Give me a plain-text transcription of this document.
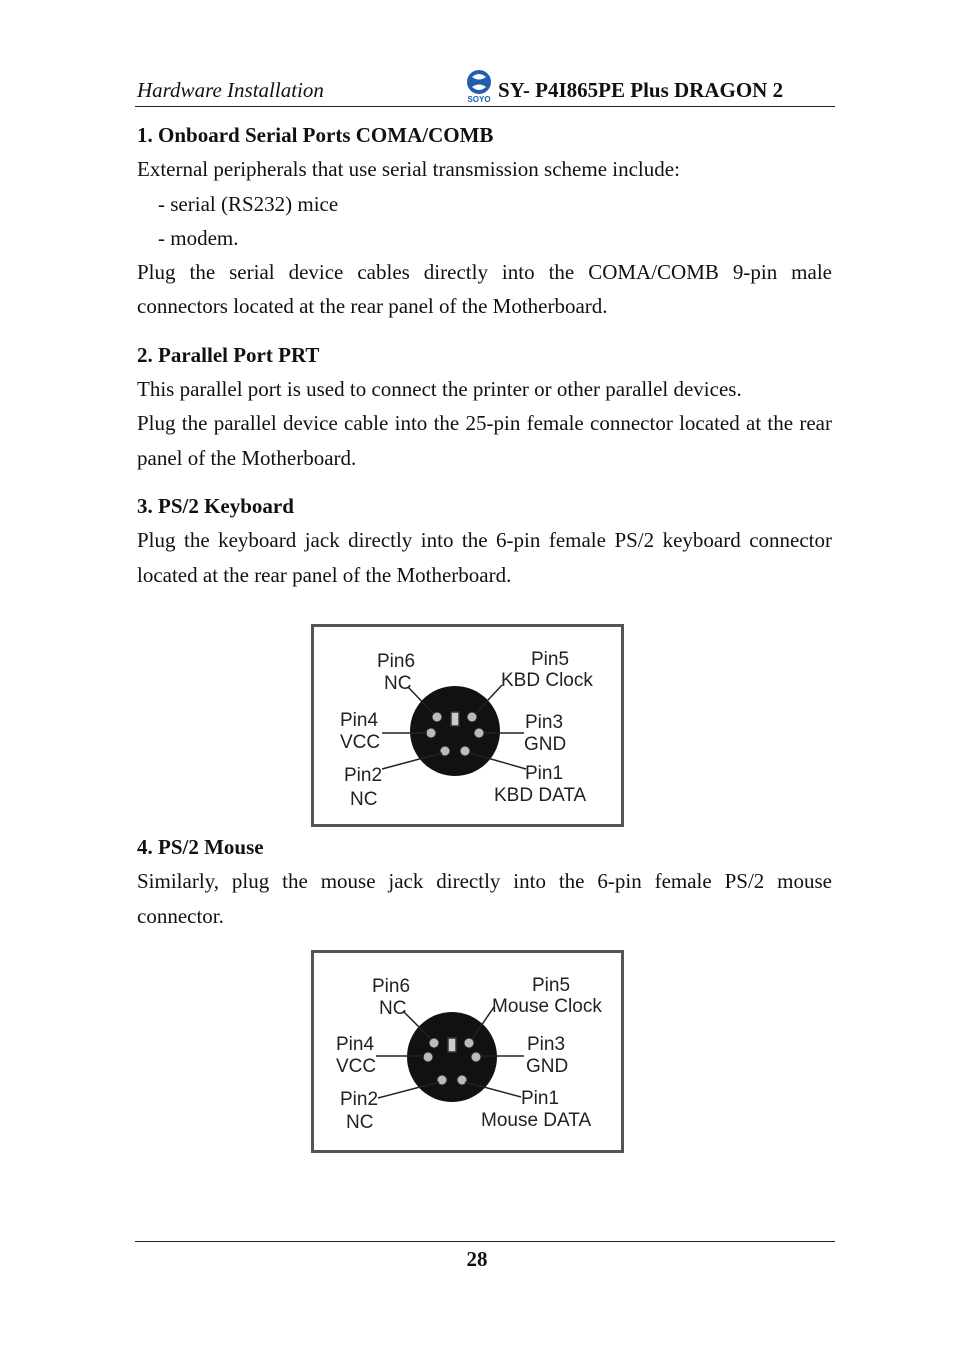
Hardware Installation	SOYO SY- P4I865PE Plus DRAGON 2

1. Onboard Serial Ports COMA/COMB

External peripherals that use serial transmission scheme include:

- serial (RS232) mice

- modem.

Plug the serial device cables directly into the COMA/COMB 9-pin male connectors located at the rear panel of the Motherboard.

2. Parallel Port PRT

This parallel port is used to connect the printer or other parallel devices.

Plug the parallel device cable into the 25-pin female connector located at the rear panel of the Motherboard.

3. PS/2 Keyboard

Plug the keyboard jack directly into the 6-pin female PS/2 keyboard connector located at the rear panel of the Motherboard.

Pin6
NC
Pin5
KBD Clock
Pin4
VCC
Pin3
GND
Pin2
NC
Pin1
KBD DATA

4. PS/2 Mouse

Similarly, plug the mouse jack directly into the 6-pin female PS/2 mouse connector.

Pin6
NC
Pin5
Mouse Clock
Pin4
VCC
Pin3
GND
Pin2
NC
Pin1
Mouse DATA
28
